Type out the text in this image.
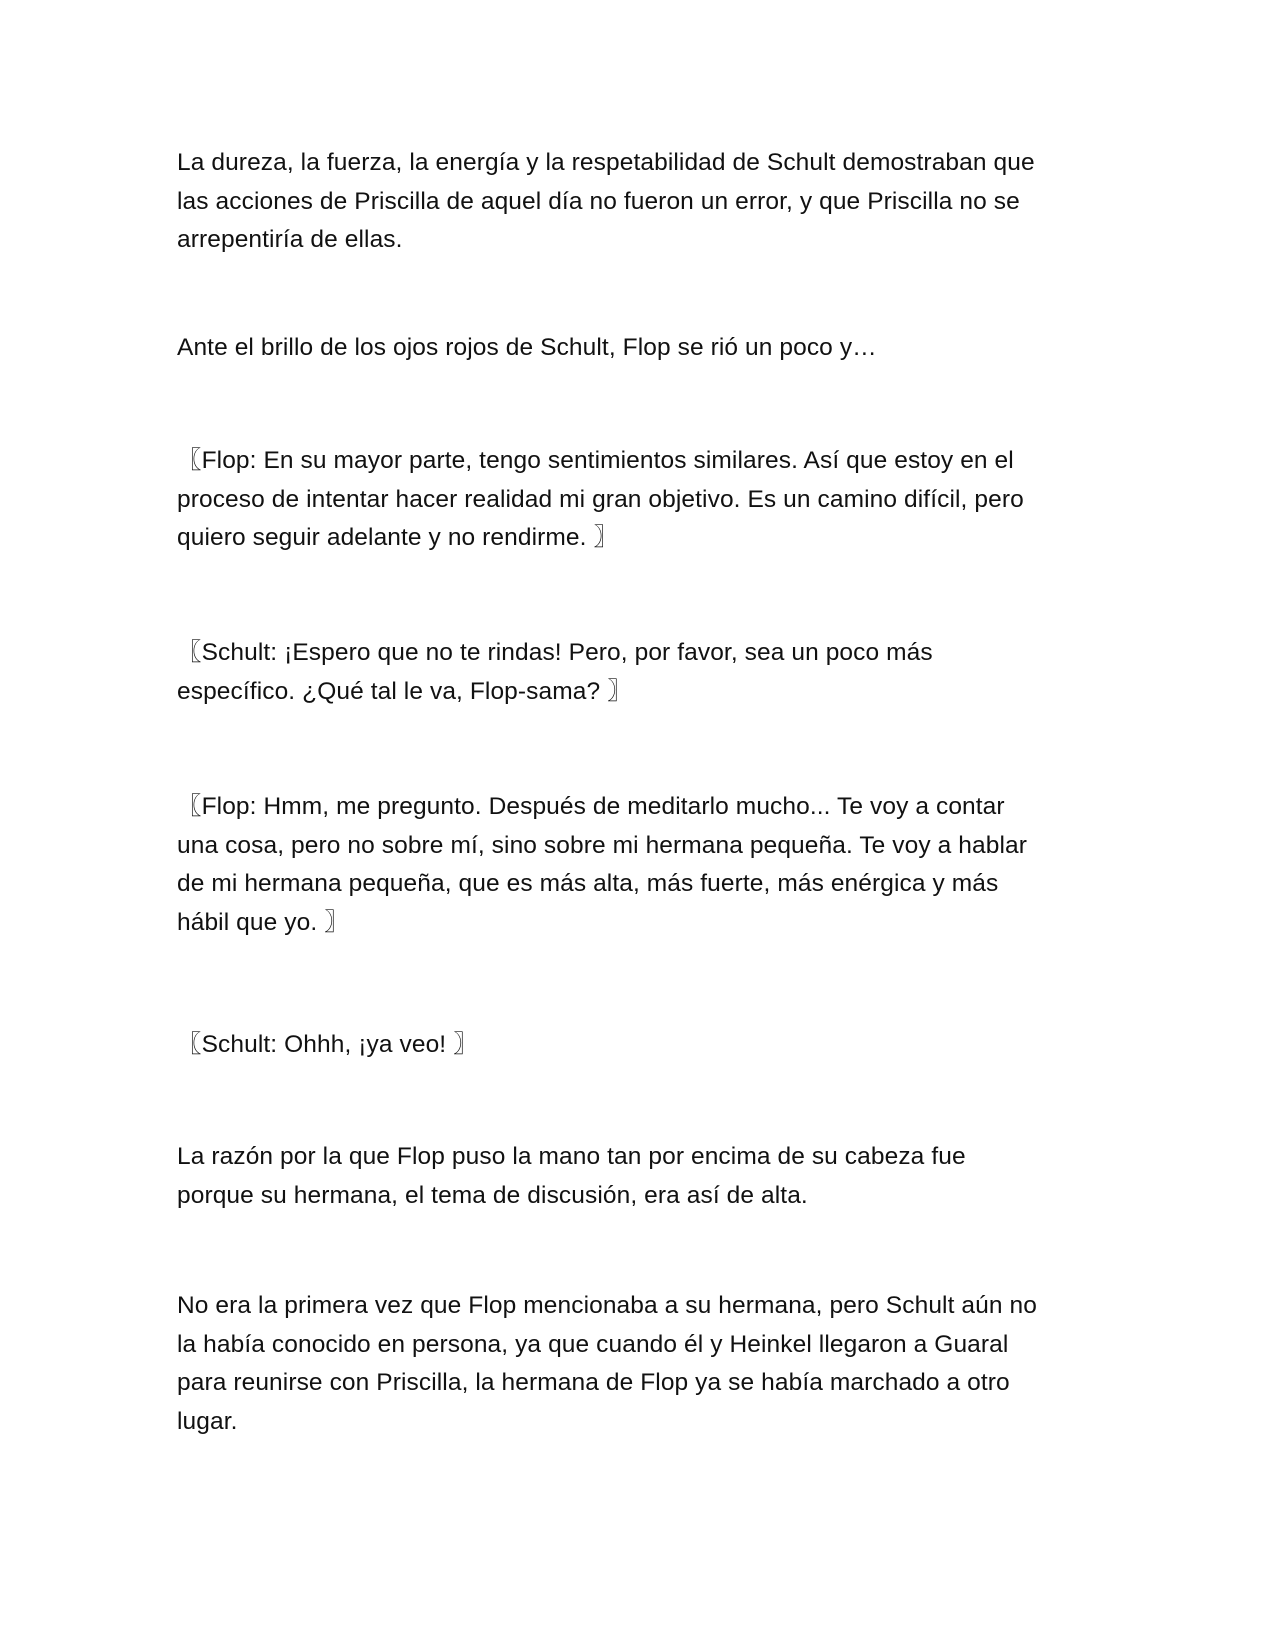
La dureza, la fuerza, la energía y la respetabilidad de Schult demostraban que
las acciones de Priscilla de aquel día no fueron un error, y que Priscilla no se
arrepentiría de ellas.

Ante el brillo de los ojos rojos de Schult, Flop se rió un poco y…

〖Flop: En su mayor parte, tengo sentimientos similares. Así que estoy en el
proceso de intentar hacer realidad mi gran objetivo. Es un camino difícil, pero
quiero seguir adelante y no rendirme. 〗

〖Schult: ¡Espero que no te rindas! Pero, por favor, sea un poco más
específico. ¿Qué tal le va, Flop-sama? 〗

〖Flop: Hmm, me pregunto. Después de meditarlo mucho... Te voy a contar
una cosa, pero no sobre mí, sino sobre mi hermana pequeña. Te voy a hablar
de mi hermana pequeña, que es más alta, más fuerte, más enérgica y más
hábil que yo. 〗

〖Schult: Ohhh, ¡ya veo! 〗

La razón por la que Flop puso la mano tan por encima de su cabeza fue
porque su hermana, el tema de discusión, era así de alta.

No era la primera vez que Flop mencionaba a su hermana, pero Schult aún no
la había conocido en persona, ya que cuando él y Heinkel llegaron a Guaral
para reunirse con Priscilla, la hermana de Flop ya se había marchado a otro
lugar.
